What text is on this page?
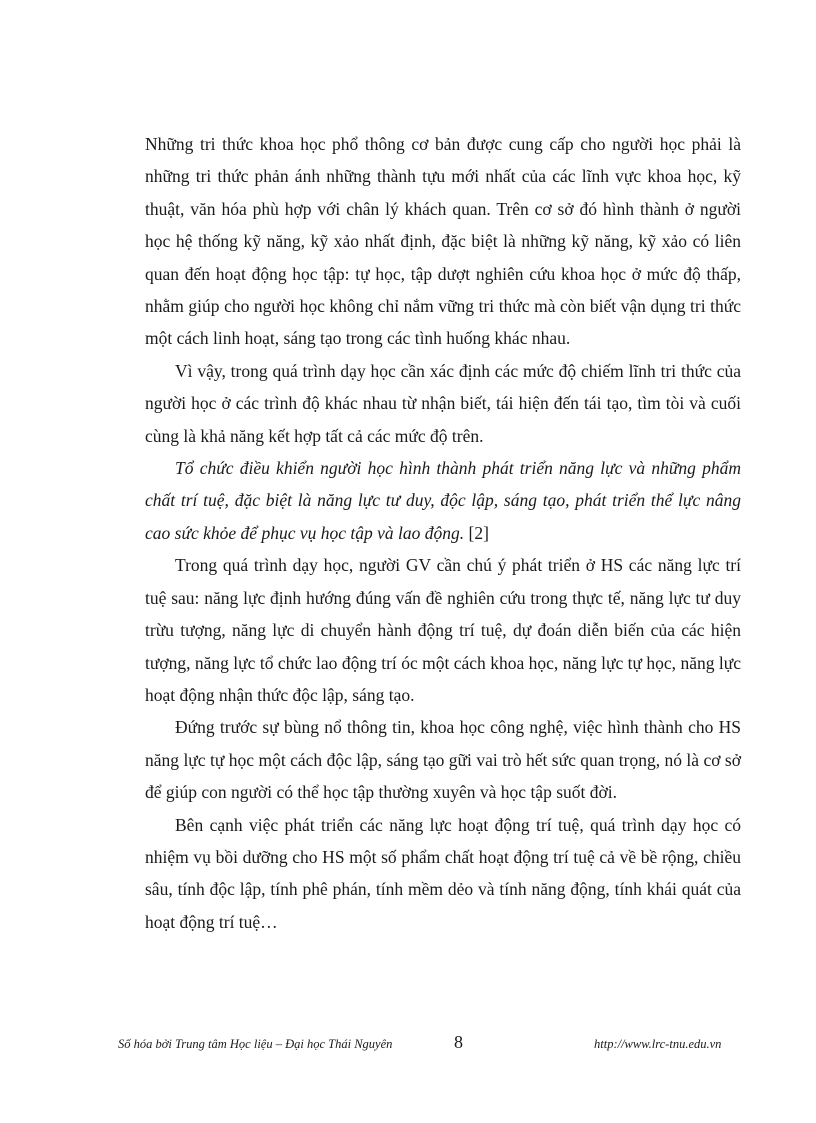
Những tri thức khoa học phổ thông cơ bản được cung cấp cho người học phải là những tri thức phản ánh những thành tựu mới nhất của các lĩnh vực khoa học, kỹ thuật, văn hóa phù hợp với chân lý khách quan. Trên cơ sở đó hình thành ở người học hệ thống kỹ năng, kỹ xảo nhất định, đặc biệt là những kỹ năng, kỹ xảo có liên quan đến hoạt động học tập: tự học, tập dượt nghiên cứu khoa học ở mức độ thấp, nhằm giúp cho người học không chỉ nắm vững tri thức mà còn biết vận dụng tri thức một cách linh hoạt, sáng tạo trong các tình huống khác nhau.

Vì vậy, trong quá trình dạy học cần xác định các mức độ chiếm lĩnh tri thức của người học ở các trình độ khác nhau từ nhận biết, tái hiện đến tái tạo, tìm tòi và cuối cùng là khả năng kết hợp tất cả các mức độ trên.

Tổ chức điều khiển người học hình thành phát triển năng lực và những phẩm chất trí tuệ, đặc biệt là năng lực tư duy, độc lập, sáng tạo, phát triển thể lực nâng cao sức khỏe để phục vụ học tập và lao động. [2]

Trong quá trình dạy học, người GV cần chú ý phát triển ở HS các năng lực trí tuệ sau: năng lực định hướng đúng vấn đề nghiên cứu trong thực tế, năng lực tư duy trừu tượng, năng lực di chuyển hành động trí tuệ, dự đoán diễn biến của các hiện tượng, năng lực tổ chức lao động trí óc một cách khoa học, năng lực tự học, năng lực hoạt động nhận thức độc lập, sáng tạo.

Đứng trước sự bùng nổ thông tin, khoa học công nghệ, việc hình thành cho HS năng lực tự học một cách độc lập, sáng tạo gữi vai trò hết sức quan trọng, nó là cơ sở để giúp con người có thể học tập thường xuyên và học tập suốt đời.

Bên cạnh việc phát triển các năng lực hoạt động trí tuệ, quá trình dạy học có nhiệm vụ bồi dưỡng cho HS một số phẩm chất hoạt động trí tuệ cả về bề rộng, chiều sâu, tính độc lập, tính phê phán, tính mềm dẻo và tính năng động, tính khái quát của hoạt động trí tuệ…

Số hóa bởi Trung tâm Học liệu – Đại học Thái Nguyên	8	http://www.lrc-tnu.edu.vn
